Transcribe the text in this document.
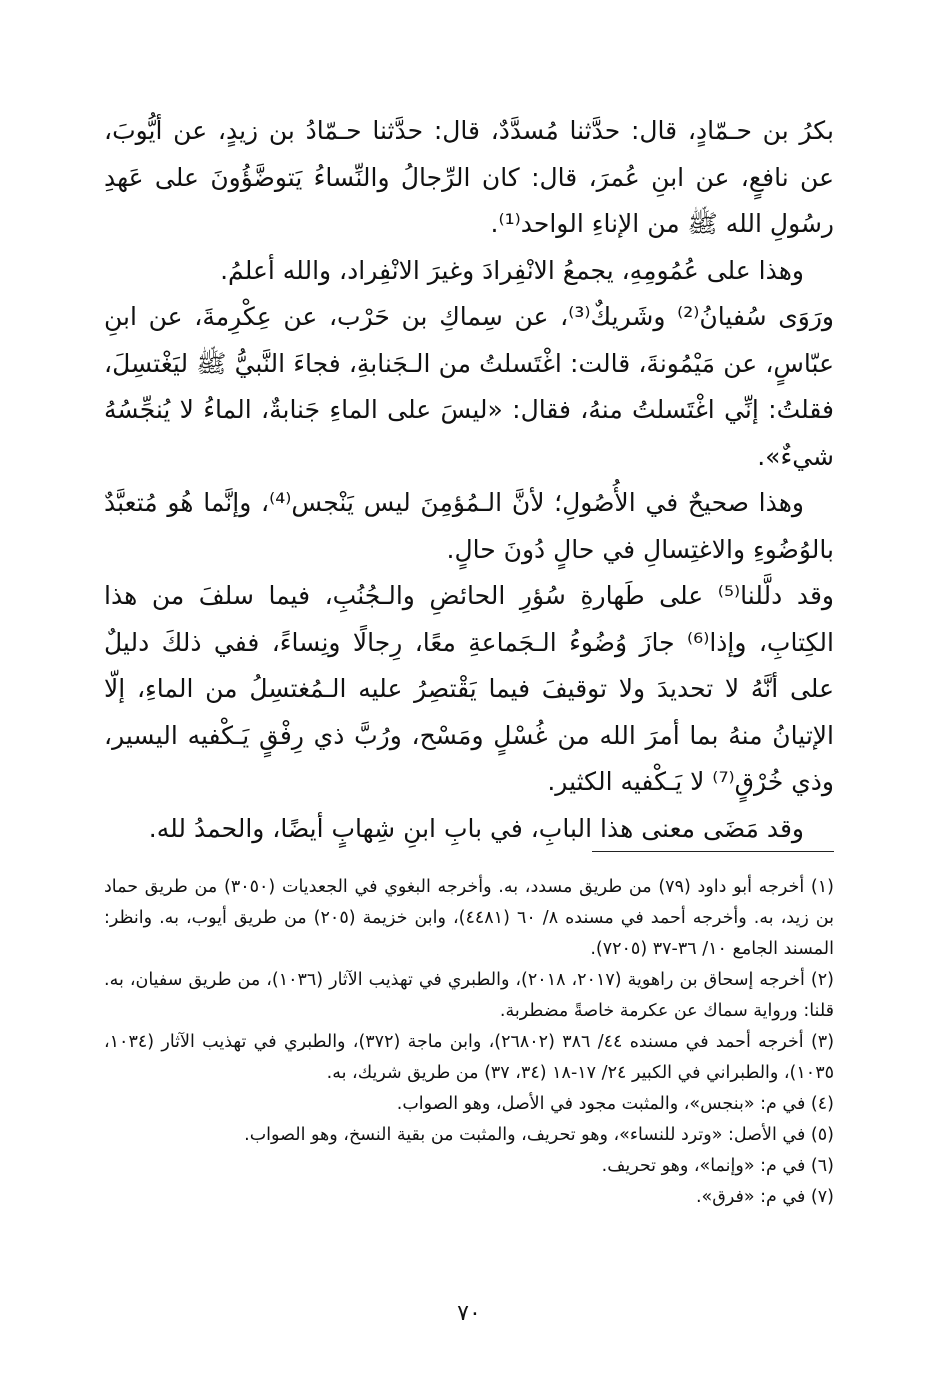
بكرُ بن حـمّادٍ، قال: حدَّثنا مُسدَّدٌ، قال: حدَّثنا حـمّادُ بن زيدٍ، عن أيُّوبَ، عن نافعٍ، عن ابنِ عُمرَ، قال: كان الرِّجالُ والنِّساءُ يَتوضَّؤُونَ على عَهدِ رسُولِ الله ﷺ من الإناءِ الواحد⁽¹⁾.

وهذا على عُمُومِهِ، يجمعُ الانْفِرادَ وغيرَ الانْفِراد، والله أعلمُ.

ورَوَى سُفيانُ⁽²⁾ وشَريكٌ⁽³⁾، عن سِماكِ بن حَرْب، عن عِكْرِمةَ، عن ابنِ عبّاسٍ، عن مَيْمُونةَ، قالت: اغْتَسلتُ من الـجَنابةِ، فجاءَ النَّبيُّ ﷺ ليَغْتسِلَ، فقلتُ: إنِّي اغْتَسلتُ منهُ، فقال: «ليسَ على الماءِ جَنابةٌ، الماءُ لا يُنجِّسُهُ شيءٌ».

وهذا صحيحٌ في الأُصُولِ؛ لأنَّ الـمُؤمِنَ ليس يَنْجس⁽⁴⁾، وإنَّما هُو مُتعبَّدٌ بالوُضُوءِ والاغتِسالِ في حالٍ دُونَ حالٍ.

وقد دلَّلنا⁽⁵⁾ على طَهارةِ سُؤرِ الحائضِ والـجُنُبِ، فيما سلفَ من هذا الكِتابِ، وإذا⁽⁶⁾ جازَ وُضُوءُ الـجَماعةِ معًا، رِجالًا ونِساءً، ففي ذلكَ دليلٌ على أنَّهُ لا تحديدَ ولا توقيفَ فيما يَقْتصِرُ عليه الـمُغتسِلُ من الماءِ، إلّا الإتيانُ منهُ بما أمرَ الله من غُسْلٍ ومَسْح، ورُبَّ ذي رِفْقٍ يَـكْفيه اليسير، وذي خُرْقٍ⁽⁷⁾ لا يَـكْفيه الكثير.

وقد مَضَى معنى هذا البابِ، في بابِ ابنِ شِهابٍ أيضًا، والحمدُ لله.

(١) أخرجه أبو داود (٧٩) من طريق مسدد، به. وأخرجه البغوي في الجعديات (٣٠٥٠) من طريق حماد بن زيد، به. وأخرجه أحمد في مسنده ٨/ ٦٠ (٤٤٨١)، وابن خزيمة (٢٠٥) من طريق أيوب، به. وانظر: المسند الجامع ١٠/ ٣٦-٣٧ (٧٢٠٥).

(٢) أخرجه إسحاق بن راهوية (٢٠١٧، ٢٠١٨)، والطبري في تهذيب الآثار (١٠٣٦)، من طريق سفيان، به. قلنا: ورواية سماك عن عكرمة خاصةً مضطربة.

(٣) أخرجه أحمد في مسنده ٤٤/ ٣٨٦ (٢٦٨٠٢)، وابن ماجة (٣٧٢)، والطبري في تهذيب الآثار (١٠٣٤، ١٠٣٥)، والطبراني في الكبير ٢٤/ ١٧-١٨ (٣٤، ٣٧) من طريق شريك، به.

(٤) في م: «بنجس»، والمثبت مجود في الأصل، وهو الصواب.

(٥) في الأصل: «وترد للنساء»، وهو تحريف، والمثبت من بقية النسخ، وهو الصواب.

(٦) في م: «وإنما»، وهو تحريف.

(٧) في م: «فرق».

٧٠
